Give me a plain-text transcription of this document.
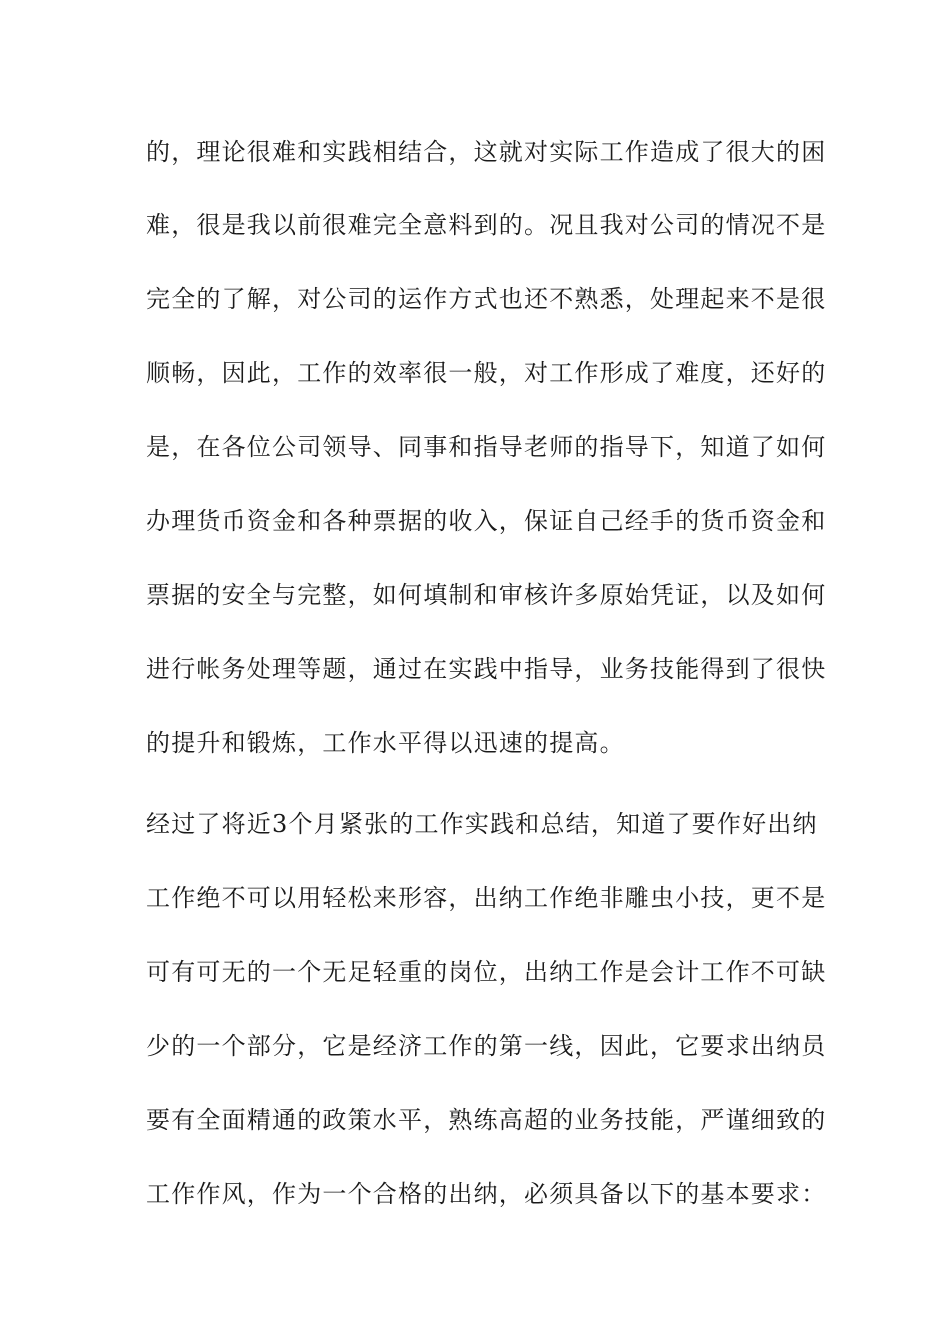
的，理论很难和实践相结合，这就对实际工作造成了很大的困
难，很是我以前很难完全意料到的。况且我对公司的情况不是
完全的了解，对公司的运作方式也还不熟悉，处理起来不是很
顺畅，因此，工作的效率很一般，对工作形成了难度，还好的
是，在各位公司领导、同事和指导老师的指导下，知道了如何
办理货币资金和各种票据的收入，保证自己经手的货币资金和
票据的安全与完整，如何填制和审核许多原始凭证，以及如何
进行帐务处理等题，通过在实践中指导，业务技能得到了很快
的提升和锻炼，工作水平得以迅速的提高。
经过了将近3个月紧张的工作实践和总结，知道了要作好出纳
工作绝不可以用轻松来形容，出纳工作绝非雕虫小技，更不是
可有可无的一个无足轻重的岗位，出纳工作是会计工作不可缺
少的一个部分，它是经济工作的第一线，因此，它要求出纳员
要有全面精通的政策水平，熟练高超的业务技能，严谨细致的
工作作风，作为一个合格的出纳，必须具备以下的基本要求：
